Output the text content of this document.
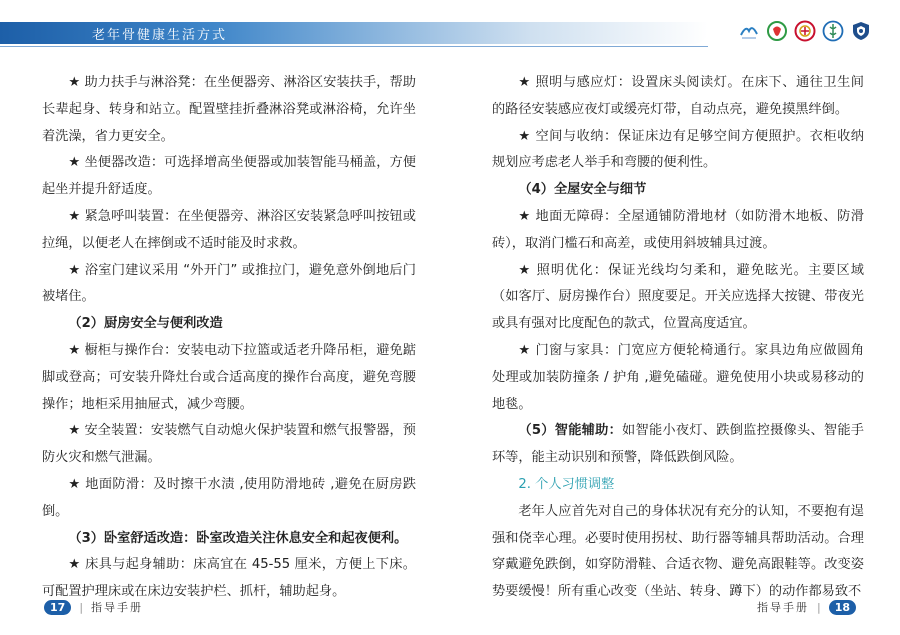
老年骨健康生活方式

★ 助力扶手与淋浴凳：在坐便器旁、淋浴区安装扶手，帮助长辈起身、转身和站立。配置壁挂折叠淋浴凳或淋浴椅，允许坐着洗澡，省力更安全。

★ 坐便器改造：可选择增高坐便器或加装智能马桶盖，方便起坐并提升舒适度。

★ 紧急呼叫装置：在坐便器旁、淋浴区安装紧急呼叫按钮或拉绳，以便老人在摔倒或不适时能及时求救。

★ 浴室门建议采用 “外开门” 或推拉门，避免意外倒地后门被堵住。

（2）厨房安全与便利改造

★ 橱柜与操作台：安装电动下拉篮或适老升降吊柜，避免踮脚或登高；可安装升降灶台或合适高度的操作台高度，避免弯腰操作；地柜采用抽屉式，减少弯腰。

★ 安全装置：安装燃气自动熄火保护装置和燃气报警器，预防火灾和燃气泄漏。

★ 地面防滑：及时擦干水渍 ,使用防滑地砖 ,避免在厨房跌倒。

（3）卧室舒适改造：卧室改造关注休息安全和起夜便利。

★ 床具与起身辅助：床高宜在 45-55 厘米，方便上下床。可配置护理床或在床边安装护栏、抓杆，辅助起身。

★ 照明与感应灯：设置床头阅读灯。在床下、通往卫生间的路径安装感应夜灯或缓亮灯带，自动点亮，避免摸黑绊倒。

★ 空间与收纳：保证床边有足够空间方便照护。衣柜收纳规划应考虑老人举手和弯腰的便利性。

（4）全屋安全与细节

★ 地面无障碍：全屋通铺防滑地材（如防滑木地板、防滑砖），取消门槛石和高差，或使用斜坡辅具过渡。

★ 照明优化：保证光线均匀柔和，避免眩光。主要区域（如客厅、厨房操作台）照度要足。开关应选择大按键、带夜光或具有强对比度配色的款式，位置高度适宜。

★ 门窗与家具：门宽应方便轮椅通行。家具边角应做圆角处理或加装防撞条 / 护角 ,避免磕碰。避免使用小块或易移动的地毯。

（5）智能辅助：如智能小夜灯、跌倒监控摄像头、智能手环等，能主动识别和预警，降低跌倒风险。

2. 个人习惯调整

老年人应首先对自己的身体状况有充分的认知，不要抱有逞强和侥幸心理。必要时使用拐杖、助行器等辅具帮助活动。合理穿戴避免跌倒，如穿防滑鞋、合适衣物、避免高跟鞋等。改变姿势要缓慢！所有重心改变（坐站、转身、蹲下）的动作都易致不

17	| 指导手册	指导手册 |	18
